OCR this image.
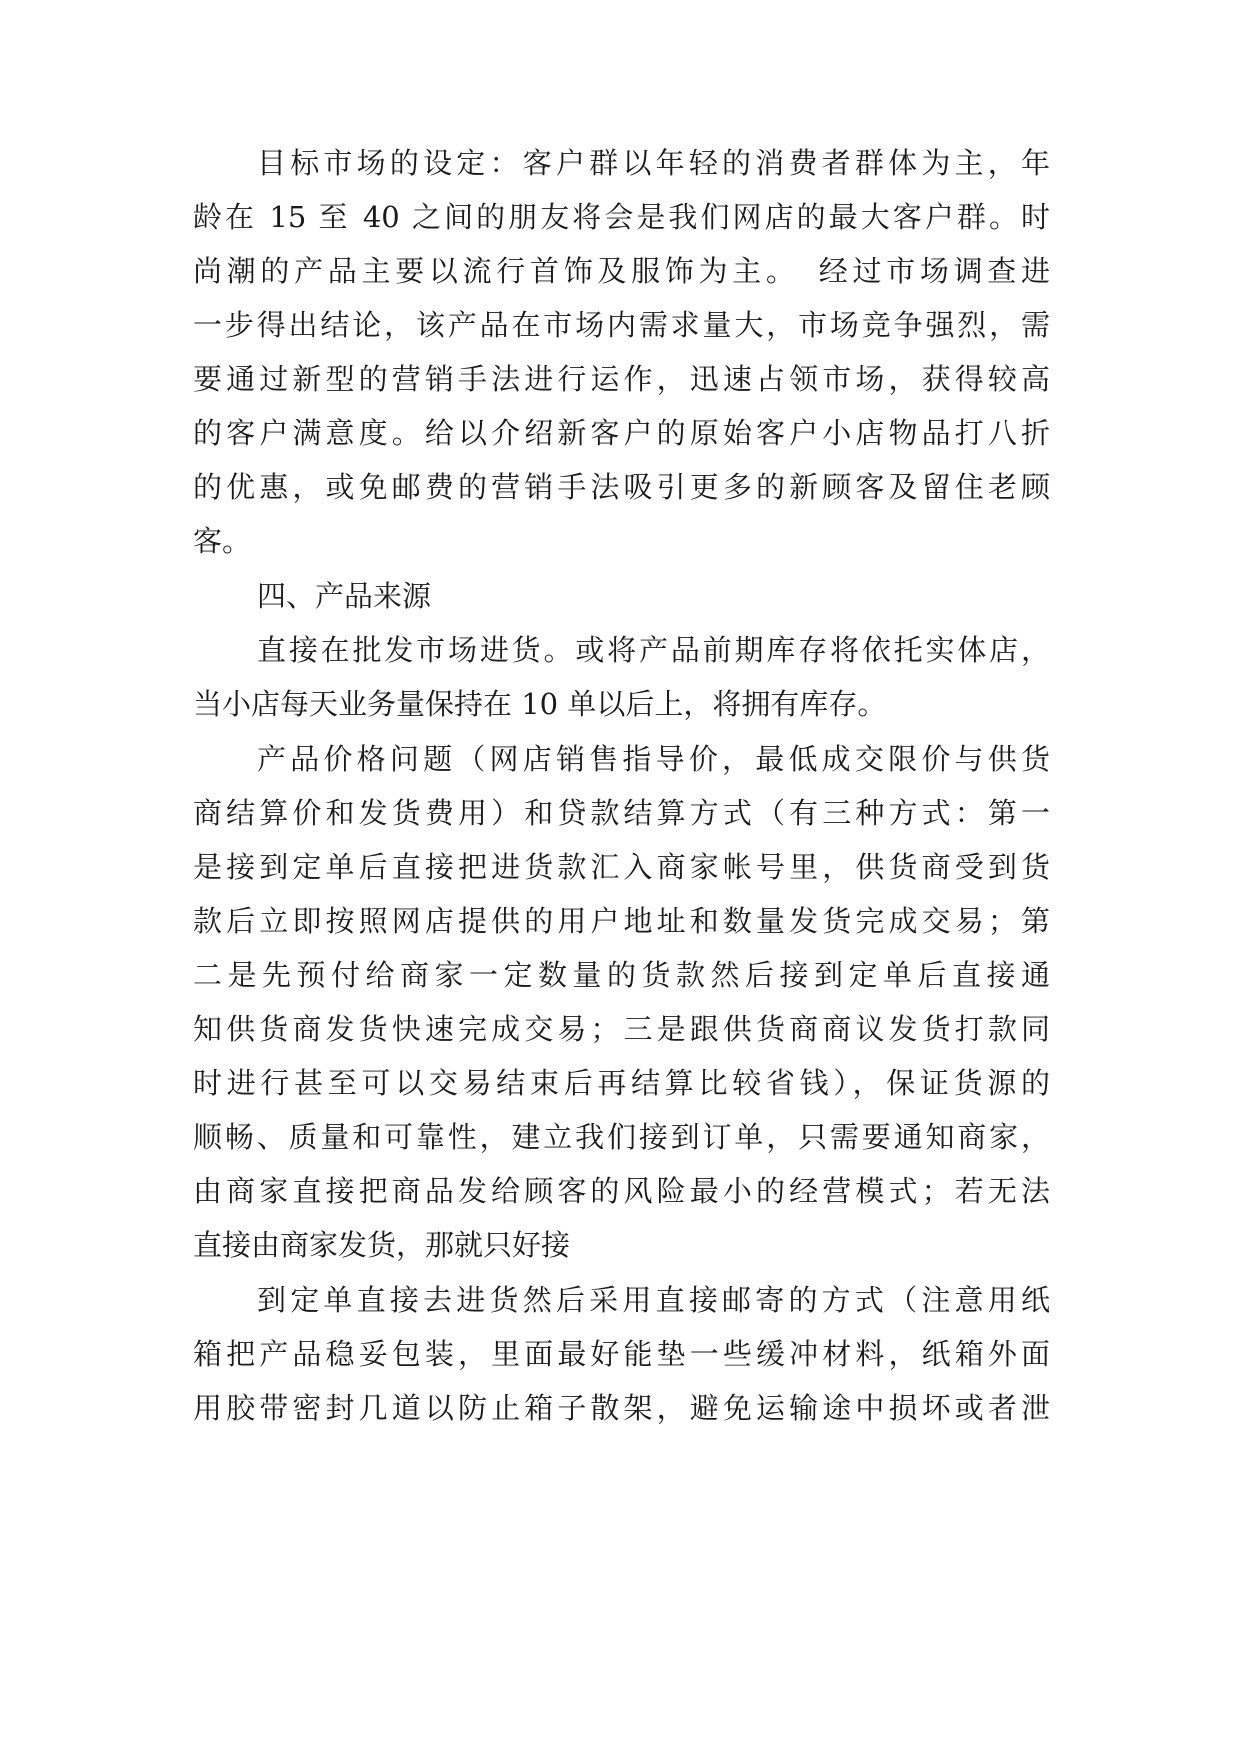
目标市场的设定：客户群以年轻的消费者群体为主，年
龄在 15 至 40 之间的朋友将会是我们网店的最大客户群。时
尚潮的产品主要以流行首饰及服饰为主。　经过市场调查进
一步得出结论，该产品在市场内需求量大，市场竞争强烈，需
要通过新型的营销手法进行运作，迅速占领市场，获得较高
的客户满意度。给以介绍新客户的原始客户小店物品打八折
的优惠，或免邮费的营销手法吸引更多的新顾客及留住老顾
客。
四、产品来源
直接在批发市场进货。或将产品前期库存将依托实体店，
当小店每天业务量保持在 10 单以后上，将拥有库存。
产品价格问题（网店销售指导价，最低成交限价与供货
商结算价和发货费用）和贷款结算方式（有三种方式：第一
是接到定单后直接把进货款汇入商家帐号里，供货商受到货
款后立即按照网店提供的用户地址和数量发货完成交易；第
二是先预付给商家一定数量的货款然后接到定单后直接通
知供货商发货快速完成交易；三是跟供货商商议发货打款同
时进行甚至可以交易结束后再结算比较省钱），保证货源的
顺畅、质量和可靠性，建立我们接到订单，只需要通知商家，
由商家直接把商品发给顾客的风险最小的经营模式；若无法
直接由商家发货，那就只好接
到定单直接去进货然后采用直接邮寄的方式（注意用纸
箱把产品稳妥包装，里面最好能垫一些缓冲材料，纸箱外面
用胶带密封几道以防止箱子散架，避免运输途中损坏或者泄
